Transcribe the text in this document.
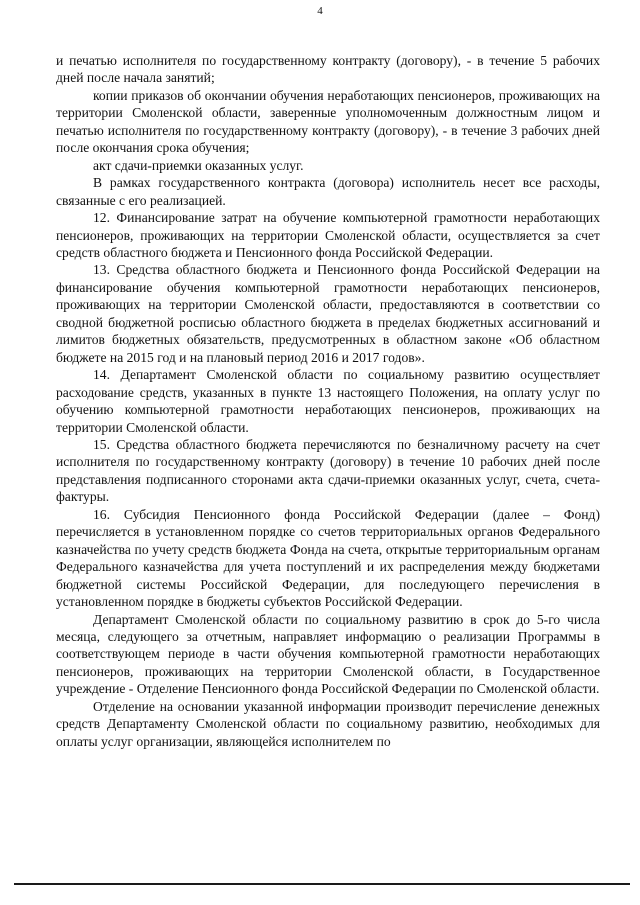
4

и печатью исполнителя по государственному контракту (договору), - в течение 5 рабочих дней после начала занятий;

копии приказов об окончании обучения неработающих пенсионеров, проживающих на территории Смоленской области, заверенные уполномоченным должностным лицом и печатью исполнителя по государственному контракту (договору), - в течение 3 рабочих дней после окончания срока обучения;

акт сдачи-приемки оказанных услуг.

В рамках государственного контракта (договора) исполнитель несет все расходы, связанные с его реализацией.

12. Финансирование затрат на обучение компьютерной грамотности неработающих пенсионеров, проживающих на территории Смоленской области, осуществляется за счет средств областного бюджета и Пенсионного фонда Российской Федерации.

13. Средства областного бюджета и Пенсионного фонда Российской Федерации на финансирование обучения компьютерной грамотности неработающих пенсионеров, проживающих на территории Смоленской области, предоставляются в соответствии со сводной бюджетной росписью областного бюджета в пределах бюджетных ассигнований и лимитов бюджетных обязательств, предусмотренных в областном законе «Об областном бюджете на 2015 год и на плановый период 2016 и 2017 годов».

14. Департамент Смоленской области по социальному развитию осуществляет расходование средств, указанных в пункте 13 настоящего Положения, на оплату услуг по обучению компьютерной грамотности неработающих пенсионеров, проживающих на территории Смоленской области.

15. Средства областного бюджета перечисляются по безналичному расчету на счет исполнителя по государственному контракту (договору) в течение 10 рабочих дней после представления подписанного сторонами акта сдачи-приемки оказанных услуг, счета, счета-фактуры.

16. Субсидия Пенсионного фонда Российской Федерации (далее – Фонд) перечисляется в установленном порядке со счетов территориальных органов Федерального казначейства по учету средств бюджета Фонда на счета, открытые территориальным органам Федерального казначейства для учета поступлений и их распределения между бюджетами бюджетной системы Российской Федерации, для последующего перечисления в установленном порядке в бюджеты субъектов Российской Федерации.

Департамент Смоленской области по социальному развитию в срок до 5-го числа месяца, следующего за отчетным, направляет информацию о реализации Программы в соответствующем периоде в части обучения компьютерной грамотности неработающих пенсионеров, проживающих на территории Смоленской области, в Государственное учреждение - Отделение Пенсионного фонда Российской Федерации по Смоленской области.

Отделение на основании указанной информации производит перечисление денежных средств Департаменту Смоленской области по социальному развитию, необходимых для оплаты услуг организации, являющейся исполнителем по
